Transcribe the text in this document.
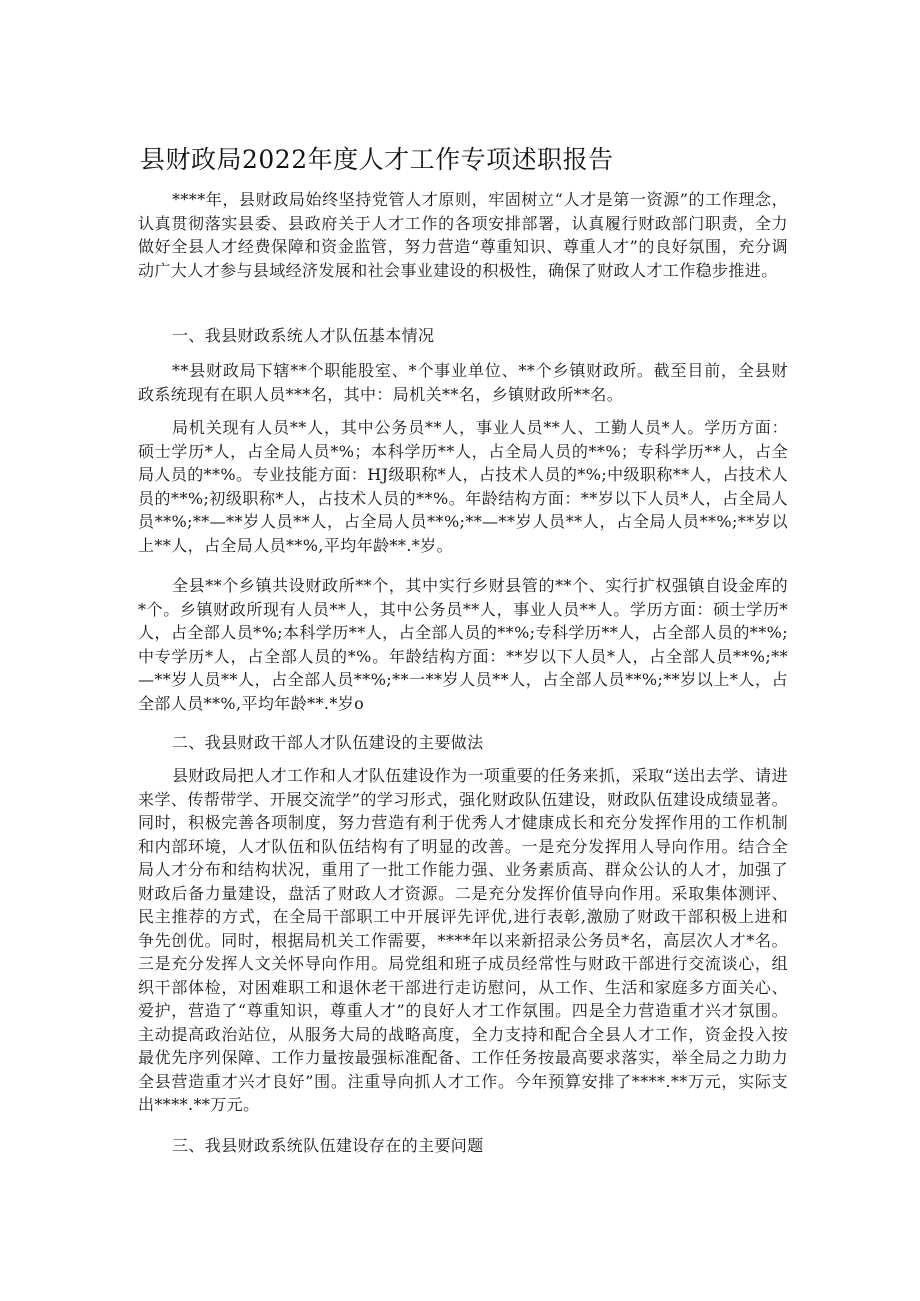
县财政局2022年度人才工作专项述职报告

****年，县财政局始终坚持党管人才原则，牢固树立“人才是第一资源”的工作理念，认真贯彻落实县委、县政府关于人才工作的各项安排部署，认真履行财政部门职责，全力做好全县人才经费保障和资金监管，努力营造“尊重知识、尊重人才”的良好氛围，充分调动广大人才参与县域经济发展和社会事业建设的积极性，确保了财政人才工作稳步推进。

一、我县财政系统人才队伍基本情况

**县财政局下辖**个职能股室、*个事业单位、**个乡镇财政所。截至目前，全县财政系统现有在职人员***名，其中：局机关**名，乡镇财政所**名。

局机关现有人员**人，其中公务员**人，事业人员**人、工勤人员*人。学历方面：硕士学历*人，占全局人员*%；本科学历**人，占全局人员的**%；专科学历**人，占全局人员的**%。专业技能方面：HJ级职称*人，占技术人员的*%;中级职称**人，占技术人员的**%;初级职称*人，占技术人员的**%。年龄结构方面：**岁以下人员*人，占全局人员**%;**—**岁人员**人，占全局人员**%;**—**岁人员**人，占全局人员**%;**岁以上**人，占全局人员**%,平均年龄**.*岁。

全县**个乡镇共设财政所**个，其中实行乡财县管的**个、实行扩权强镇自设金库的*个。乡镇财政所现有人员**人，其中公务员**人，事业人员**人。学历方面：硕士学历*人，占全部人员*%;本科学历**人，占全部人员的**%;专科学历**人，占全部人员的**%;中专学历*人，占全部人员的*%。年龄结构方面：**岁以下人员*人，占全部人员**%;**—**岁人员**人，占全部人员**%;**一**岁人员**人，占全部人员**%;**岁以上*人，占全部人员**%,平均年龄**.*岁o

二、我县财政干部人才队伍建设的主要做法

县财政局把人才工作和人才队伍建设作为一项重要的任务来抓，采取“送出去学、请进来学、传帮带学、开展交流学”的学习形式，强化财政队伍建设，财政队伍建设成绩显著。同时，积极完善各项制度，努力营造有利于优秀人才健康成长和充分发挥作用的工作机制和内部环境，人才队伍和队伍结构有了明显的改善。一是充分发挥用人导向作用。结合全局人才分布和结构状况，重用了一批工作能力强、业务素质高、群众公认的人才，加强了财政后备力量建设，盘活了财政人才资源。二是充分发挥价值导向作用。采取集体测评、民主推荐的方式，在全局干部职工中开展评先评优,进行表彰,激励了财政干部积极上进和争先创优。同时，根据局机关工作需要，****年以来新招录公务员*名，高层次人才*名。三是充分发挥人文关怀导向作用。局党组和班子成员经常性与财政干部进行交流谈心，组织干部体检，对困难职工和退休老干部进行走访慰问，从工作、生活和家庭多方面关心、爱护，营造了“尊重知识，尊重人才”的良好人才工作氛围。四是全力营造重才兴才氛围。主动提高政治站位，从服务大局的战略高度，全力支持和配合全县人才工作，资金投入按最优先序列保障、工作力量按最强标准配备、工作任务按最高要求落实，举全局之力助力全县营造重才兴才良好”围。注重导向抓人才工作。今年预算安排了****.**万元，实际支出****.**万元。

三、我县财政系统队伍建设存在的主要问题
